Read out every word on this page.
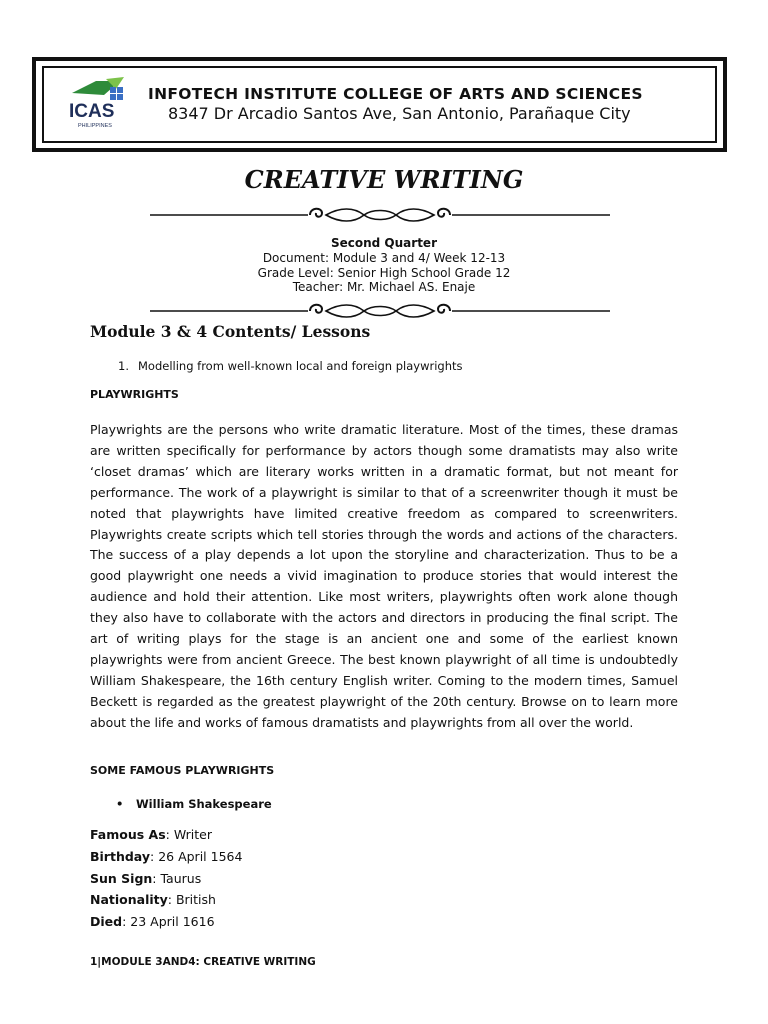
ICAS
PHILIPPINES
INFOTECH INSTITUTE COLLEGE OF ARTS AND SCIENCES
8347 Dr Arcadio Santos Ave, San Antonio, Parañaque City
CREATIVE WRITING
Second Quarter
Document: Module 3 and 4/ Week 12-13
Grade Level: Senior High School Grade 12
Teacher: Mr. Michael AS. Enaje
Module 3 & 4 Contents/ Lessons
1. Modelling from well-known local and foreign playwrights
PLAYWRIGHTS
Playwrights are the persons who write dramatic literature. Most of the times, these dramas are written specifically for performance by actors though some dramatists may also write ‘closet dramas’ which are literary works written in a dramatic format, but not meant for performance. The work of a playwright is similar to that of a screenwriter though it must be noted that playwrights have limited creative freedom as compared to screenwriters. Playwrights create scripts which tell stories through the words and actions of the characters. The success of a play depends a lot upon the storyline and characterization. Thus to be a good playwright one needs a vivid imagination to produce stories that would interest the audience and hold their attention. Like most writers, playwrights often work alone though they also have to collaborate with the actors and directors in producing the final script. The art of writing plays for the stage is an ancient one and some of the earliest known playwrights were from ancient Greece. The best known playwright of all time is undoubtedly William Shakespeare, the 16th century English writer. Coming to the modern times, Samuel Beckett is regarded as the greatest playwright of the 20th century. Browse on to learn more about the life and works of famous dramatists and playwrights from all over the world.
SOME FAMOUS PLAYWRIGHTS
• William Shakespeare
Famous As: Writer
Birthday: 26 April 1564
Sun Sign: Taurus
Nationality: British
Died: 23 April 1616
1|MODULE 3AND4: CREATIVE WRITING
